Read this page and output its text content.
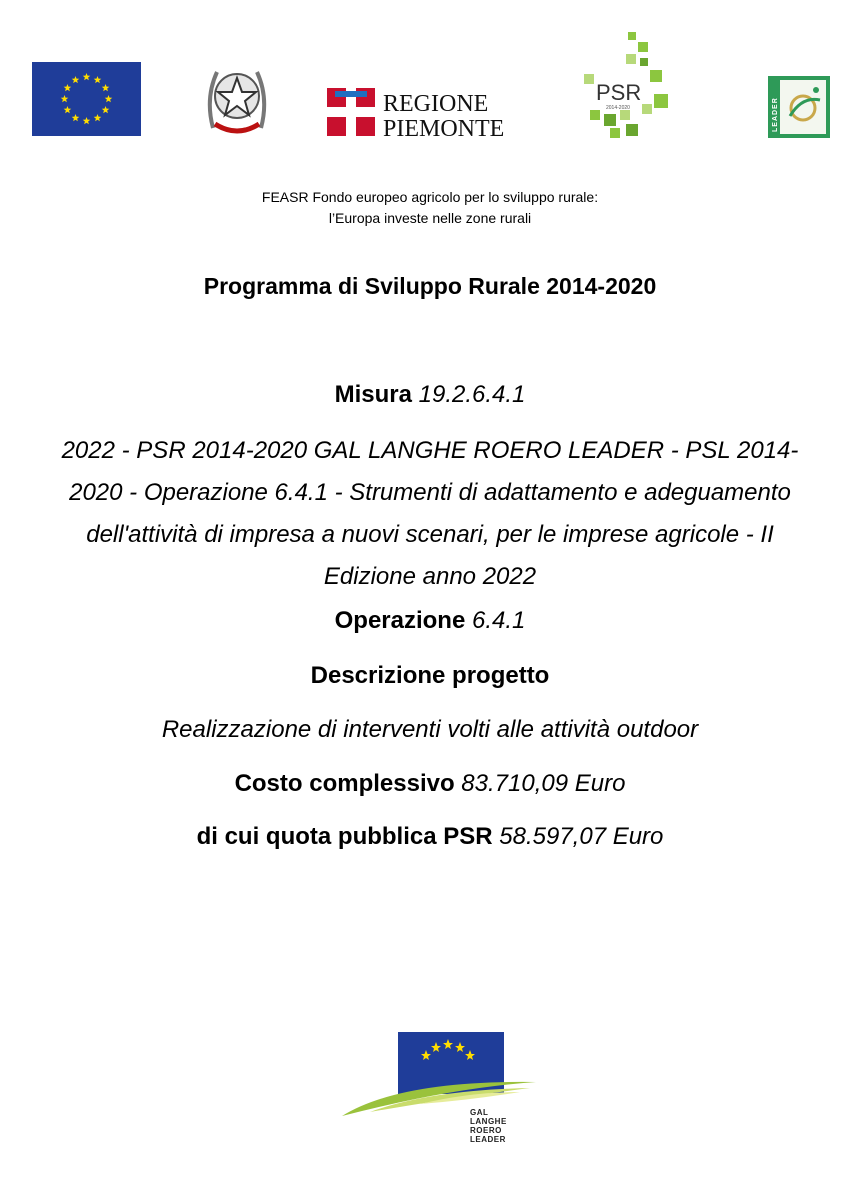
REGIONE
PIEMONTE
PSR
2014-2020	LEADER
FEASR Fondo europeo agricolo per lo sviluppo rurale:
l’Europa investe nelle zone rurali
Programma di Sviluppo Rurale 2014-2020
Misura 19.2.6.4.1
2022 - PSR 2014-2020 GAL LANGHE ROERO LEADER - PSL 2014-2020 - Operazione 6.4.1 - Strumenti di adattamento e adeguamento dell'attività di impresa a nuovi scenari, per le imprese agricole - II Edizione anno 2022
Operazione 6.4.1
Descrizione progetto
Realizzazione di interventi volti alle attività outdoor
Costo complessivo 83.710,09 Euro
di cui quota pubblica PSR 58.597,07 Euro
GAL
LANGHE
ROERO
LEADER
